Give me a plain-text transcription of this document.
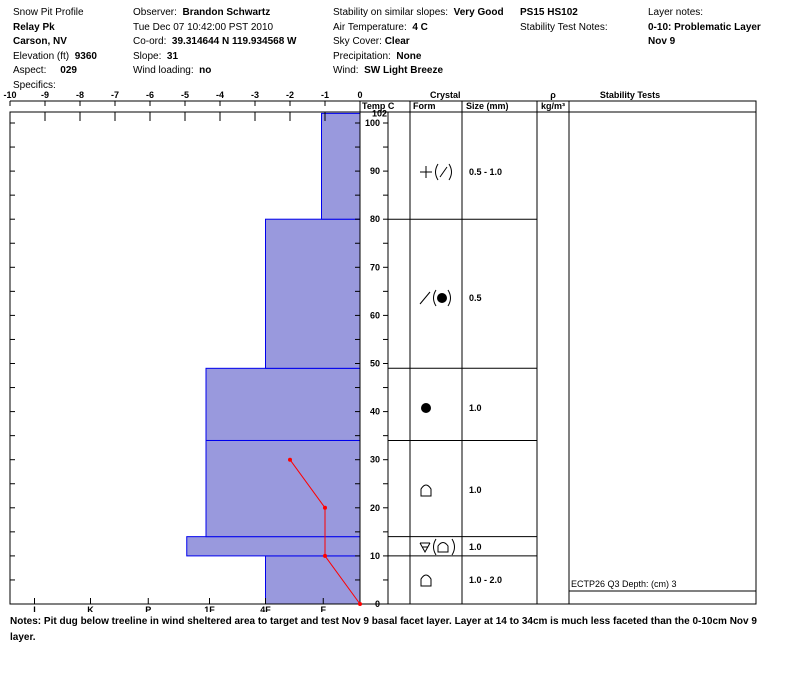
Snow Pit Profile
Relay Pk
Carson, NV
Elevation (ft) 9360
Aspect: 029
Specifics:
Observer: Brandon Schwartz
Tue Dec 07 10:42:00 PST 2010
Co-ord: 39.314644 N 119.934568 W
Slope: 31
Wind loading: no
Stability on similar slopes: Very Good
Air Temperature: 4 C
Sky Cover: Clear
Precipitation: None
Wind: SW Light Breeze
PS15 HS102
Stability Test Notes:
Layer notes:
0-10: Problematic Layer
Nov 9
-10	-9	-8	-7	-6	-5	-4	-3	-2	-1	0
I	K	P	1F	4F	F
0
10
20
30
40
50
60
70
80
90
100
102
0.5 - 1.0
0.5
1.0
1.0
1.0
1.0 - 2.0
Temp C
Crystal
Form	Size (mm)
ρ
kg/m³
Stability Tests
ECTP26 Q3 Depth: (cm) 3
Notes: Pit dug below treeline in wind sheltered area to target and test Nov 9 basal facet layer. Layer at 14 to 34cm is much less faceted than the 0-10cm Nov 9 layer.
